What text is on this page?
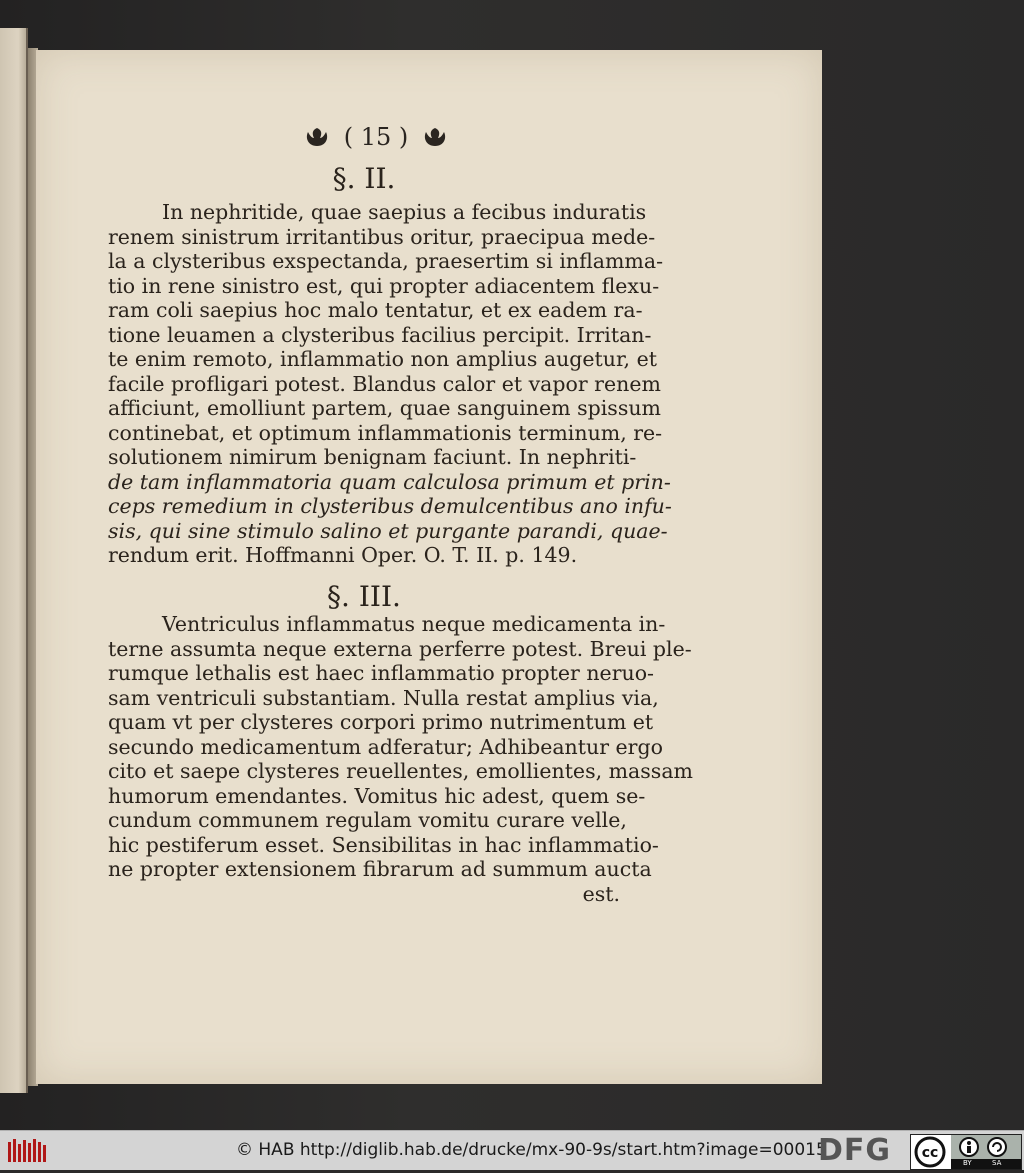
( 15 )
§. II.
In nephritide, quae saepius a fecibus induratis
renem sinistrum irritantibus oritur, praecipua mede-
la a clysteribus exspectanda, praesertim si inflamma-
tio in rene sinistro est, qui propter adiacentem flexu-
ram coli saepius hoc malo tentatur, et ex eadem ra-
tione leuamen a clysteribus facilius percipit. Irritan-
te enim remoto, inflammatio non amplius augetur, et
facile profligari potest. Blandus calor et vapor renem
afficiunt, emolliunt partem, quae sanguinem spissum
continebat, et optimum inflammationis terminum, re-
solutionem nimirum benignam faciunt. In nephriti-
de tam inflammatoria quam calculosa primum et prin-
ceps remedium in clysteribus demulcentibus ano infu-
sis, qui sine stimulo salino et purgante parandi, quae-
rendum erit. Hoffmanni Oper. O. T. II. p. 149.
§. III.
Ventriculus inflammatus neque medicamenta in-
terne assumta neque externa perferre potest. Breui ple-
rumque lethalis est haec inflammatio propter neruo-
sam ventriculi substantiam. Nulla restat amplius via,
quam vt per clysteres corpori primo nutrimentum et
secundo medicamentum adferatur; Adhibeantur ergo
cito et saepe clysteres reuellentes, emollientes, massam
humorum emendantes. Vomitus hic adest, quem se-
cundum communem regulam vomitu curare velle,
hic pestiferum esset. Sensibilitas in hac inflammatio-
ne propter extensionem fibrarum ad summum aucta
est.
© HAB http://diglib.hab.de/drucke/mx-90-9s/start.htm?image=00015
DFG cc
BY	SA
